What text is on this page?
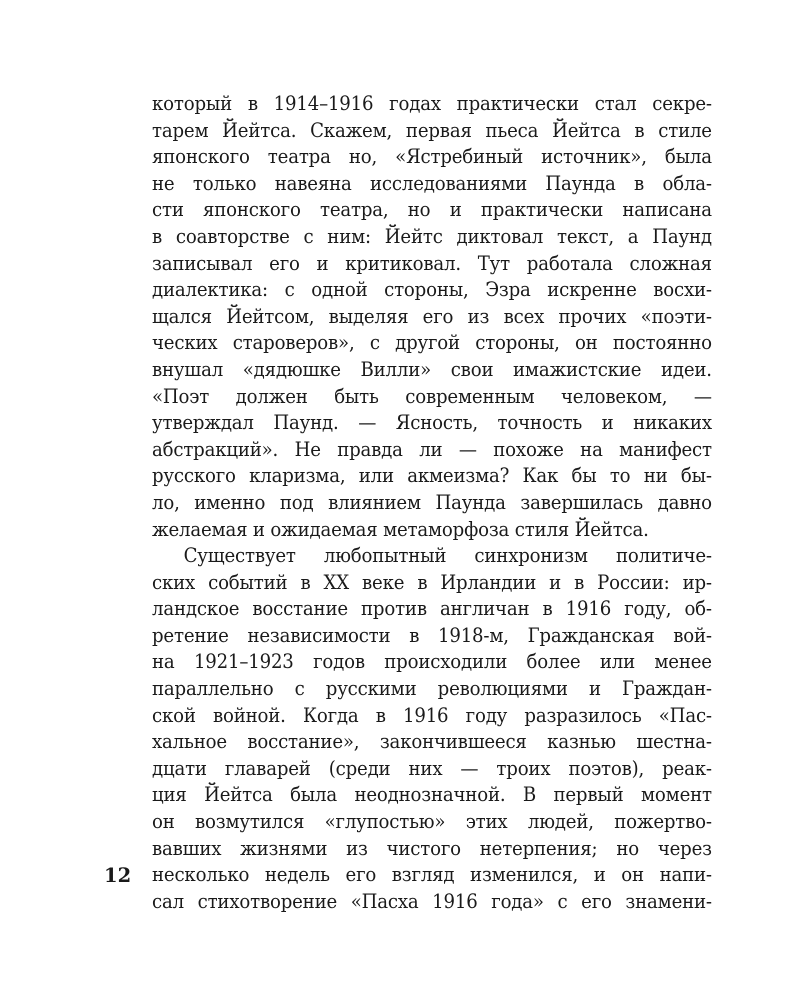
который в 1914–1916 годах практически стал секре-
тарем Йейтса. Скажем, первая пьеса Йейтса в стиле
японского театра но, «Ястребиный источник», была
не только навеяна исследованиями Паунда в обла-
сти японского театра, но и практически написана
в соавторстве с ним: Йейтс диктовал текст, а Паунд
записывал его и критиковал. Тут работала сложная
диалектика: с одной стороны, Эзра искренне восхи-
щался Йейтсом, выделяя его из всех прочих «поэти-
ческих староверов», с другой стороны, он постоянно
внушал «дядюшке Вилли» свои имажистские идеи.
«Поэт должен быть современным человеком, —
утверждал Паунд. — Ясность, точность и никаких
абстракций». Не правда ли — похоже на манифест
русского кларизма, или акмеизма? Как бы то ни бы-
ло, именно под влиянием Паунда завершилась давно
желаемая и ожидаемая метаморфоза стиля Йейтса.
Существует любопытный синхронизм политиче-
ских событий в XX веке в Ирландии и в России: ир-
ландское восстание против англичан в 1916 году, об-
ретение независимости в 1918-м, Гражданская вой-
на 1921–1923 годов происходили более или менее
параллельно с русскими революциями и Граждан-
ской войной. Когда в 1916 году разразилось «Пас-
хальное восстание», закончившееся казнью шестна-
дцати главарей (среди них — троих поэтов), реак-
ция Йейтса была неоднозначной. В первый момент
он возмутился «глупостью» этих людей, пожертво-
вавших жизнями из чистого нетерпения; но через
несколько недель его взгляд изменился, и он напи-
сал стихотворение «Пасха 1916 года» с его знамени-
12
